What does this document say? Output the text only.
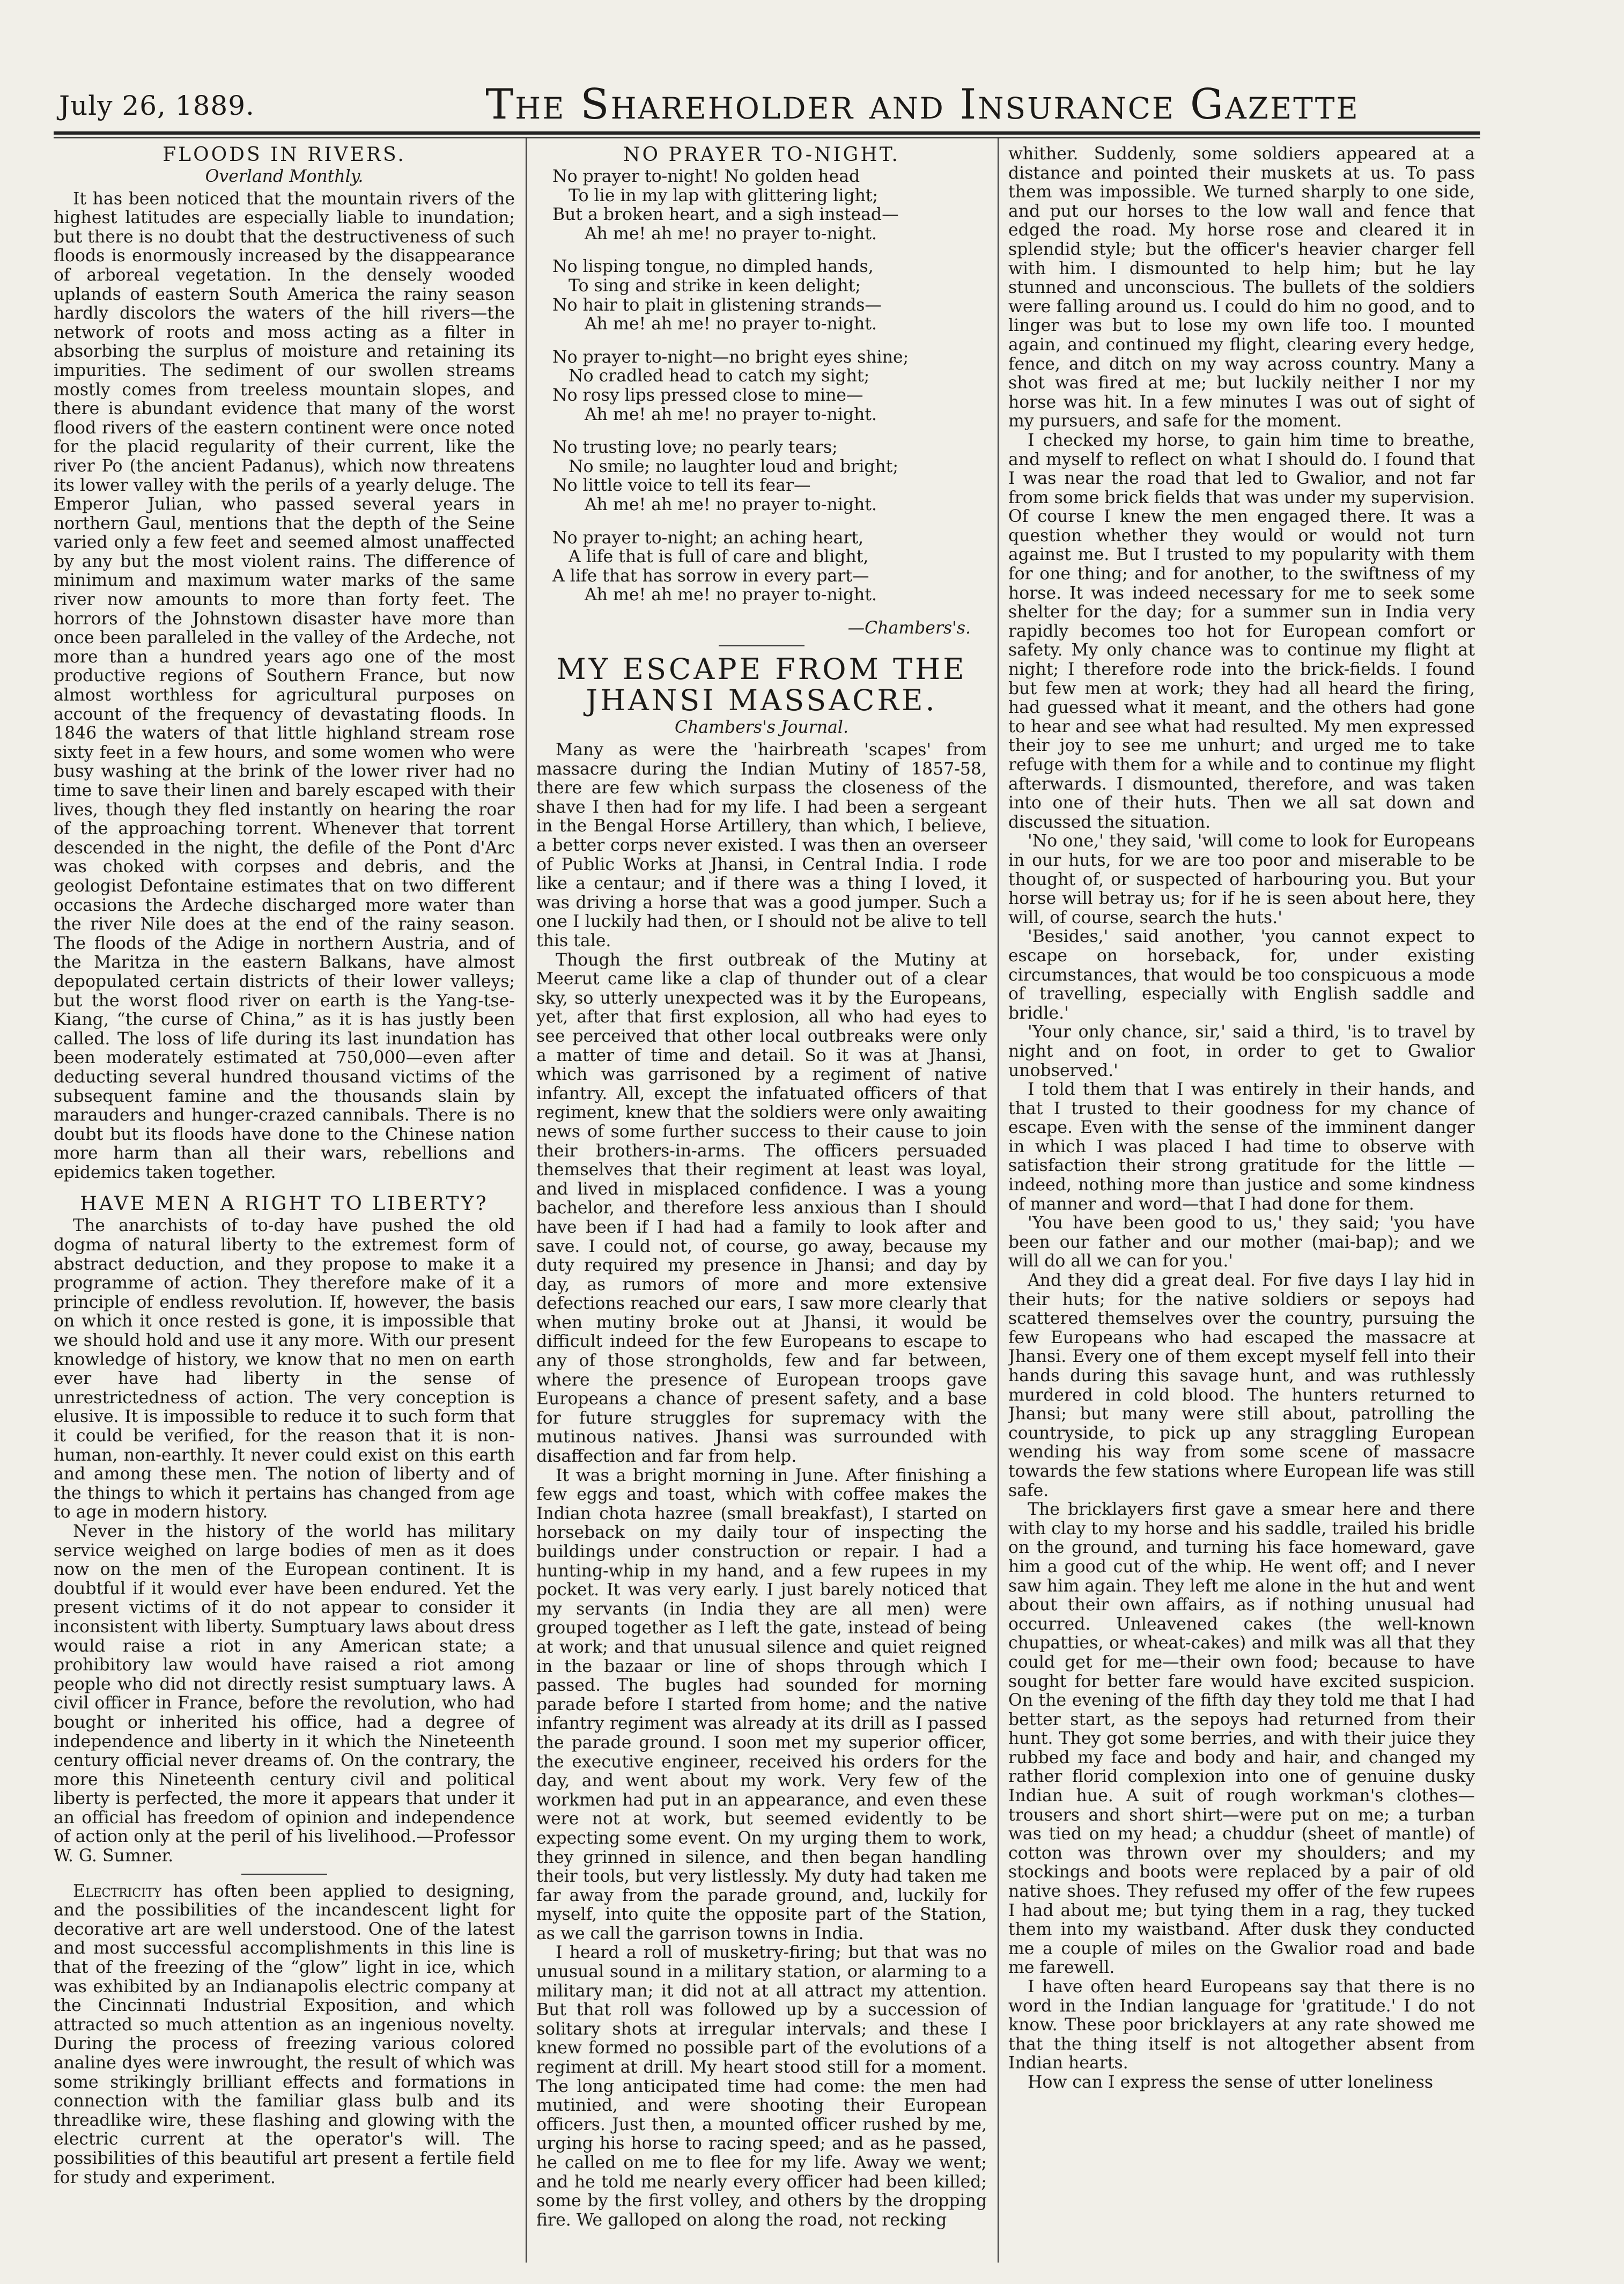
July 26, 1889.	The Shareholder and Insurance Gazette
FLOODS IN RIVERS.
Overland Monthly.

It has been noticed that the mountain rivers of the highest latitudes are especially liable to inundation; but there is no doubt that the destructiveness of such floods is enormously increased by the disappearance of arboreal vegetation. In the densely wooded uplands of eastern South America the rainy season hardly discolors the waters of the hill rivers—the network of roots and moss acting as a filter in absorbing the surplus of moisture and retaining its impurities. The sediment of our swollen streams mostly comes from treeless mountain slopes, and there is abundant evidence that many of the worst flood rivers of the eastern continent were once noted for the placid regularity of their current, like the river Po (the ancient Padanus), which now threatens its lower valley with the perils of a yearly deluge. The Emperor Julian, who passed several years in northern Gaul, mentions that the depth of the Seine varied only a few feet and seemed almost unaffected by any but the most violent rains. The difference of minimum and maximum water marks of the same river now amounts to more than forty feet. The horrors of the Johnstown disaster have more than once been paralleled in the valley of the Ardeche, not more than a hundred years ago one of the most productive regions of Southern France, but now almost worthless for agricultural purposes on account of the frequency of devastating floods. In 1846 the waters of that little highland stream rose sixty feet in a few hours, and some women who were busy washing at the brink of the lower river had no time to save their linen and barely escaped with their lives, though they fled instantly on hearing the roar of the approaching torrent. Whenever that torrent descended in the night, the defile of the Pont d'Arc was choked with corpses and debris, and the geologist Defontaine estimates that on two different occasions the Ardeche discharged more water than the river Nile does at the end of the rainy season. The floods of the Adige in northern Austria, and of the Maritza in the eastern Balkans, have almost depopulated certain districts of their lower valleys; but the worst flood river on earth is the Yang-tse-Kiang, “the curse of China,” as it is has justly been called. The loss of life during its last inundation has been moderately estimated at 750,000—even after deducting several hundred thousand victims of the subsequent famine and the thousands slain by marauders and hunger-crazed cannibals. There is no doubt but its floods have done to the Chinese nation more harm than all their wars, rebellions and epidemics taken together.

HAVE MEN A RIGHT TO LIBERTY?

The anarchists of to-day have pushed the old dogma of natural liberty to the extremest form of abstract deduction, and they propose to make it a programme of action. They therefore make of it a principle of endless revolution. If, however, the basis on which it once rested is gone, it is impossible that we should hold and use it any more. With our present knowledge of history, we know that no men on earth ever have had liberty in the sense of unrestrictedness of action. The very conception is elusive. It is impossible to reduce it to such form that it could be verified, for the reason that it is non-human, non-earthly. It never could exist on this earth and among these men. The notion of liberty and of the things to which it pertains has changed from age to age in modern history.

Never in the history of the world has military service weighed on large bodies of men as it does now on the men of the European continent. It is doubtful if it would ever have been endured. Yet the present victims of it do not appear to consider it inconsistent with liberty. Sumptuary laws about dress would raise a riot in any American state; a prohibitory law would have raised a riot among people who did not directly resist sumptuary laws. A civil officer in France, before the revolution, who had bought or inherited his office, had a degree of independence and liberty in it which the Nineteenth century official never dreams of. On the contrary, the more this Nineteenth century civil and political liberty is perfected, the more it appears that under it an official has freedom of opinion and independence of action only at the peril of his livelihood.—Professor W. G. Sumner.

Electricity has often been applied to designing, and the possibilities of the incandescent light for decorative art are well understood. One of the latest and most successful accomplishments in this line is that of the freezing of the “glow” light in ice, which was exhibited by an Indianapolis electric company at the Cincinnati Industrial Exposition, and which attracted so much attention as an ingenious novelty. During the process of freezing various colored analine dyes were inwrought, the result of which was some strikingly brilliant effects and formations in connection with the familiar glass bulb and its threadlike wire, these flashing and glowing with the electric current at the operator's will. The possibilities of this beautiful art present a fertile field for study and experiment.

NO PRAYER TO-NIGHT.
No prayer to-night! No golden head
To lie in my lap with glittering light;
But a broken heart, and a sigh instead—
Ah me! ah me! no prayer to-night.
No lisping tongue, no dimpled hands,
To sing and strike in keen delight;
No hair to plait in glistening strands—
Ah me! ah me! no prayer to-night.
No prayer to-night—no bright eyes shine;
No cradled head to catch my sight;
No rosy lips pressed close to mine—
Ah me! ah me! no prayer to-night.
No trusting love; no pearly tears;
No smile; no laughter loud and bright;
No little voice to tell its fear—
Ah me! ah me! no prayer to-night.
No prayer to-night; an aching heart,
A life that is full of care and blight,
A life that has sorrow in every part—
Ah me! ah me! no prayer to-night.
—Chambers's.
MY ESCAPE FROM THE JHANSI MASSACRE.
Chambers's Journal.

Many as were the 'hairbreath 'scapes' from massacre during the Indian Mutiny of 1857-58, there are few which surpass the closeness of the shave I then had for my life. I had been a sergeant in the Bengal Horse Artillery, than which, I believe, a better corps never existed. I was then an overseer of Public Works at Jhansi, in Central India. I rode like a centaur; and if there was a thing I loved, it was driving a horse that was a good jumper. Such a one I luckily had then, or I should not be alive to tell this tale.

Though the first outbreak of the Mutiny at Meerut came like a clap of thunder out of a clear sky, so utterly unexpected was it by the Europeans, yet, after that first explosion, all who had eyes to see perceived that other local outbreaks were only a matter of time and detail. So it was at Jhansi, which was garrisoned by a regiment of native infantry. All, except the infatuated officers of that regiment, knew that the soldiers were only awaiting news of some further success to their cause to join their brothers-in-arms. The officers persuaded themselves that their regiment at least was loyal, and lived in misplaced confidence. I was a young bachelor, and therefore less anxious than I should have been if I had had a family to look after and save. I could not, of course, go away, because my duty required my presence in Jhansi; and day by day, as rumors of more and more extensive defections reached our ears, I saw more clearly that when mutiny broke out at Jhansi, it would be difficult indeed for the few Europeans to escape to any of those strongholds, few and far between, where the presence of European troops gave Europeans a chance of present safety, and a base for future struggles for supremacy with the mutinous natives. Jhansi was surrounded with disaffection and far from help.

It was a bright morning in June. After finishing a few eggs and toast, which with coffee makes the Indian chota hazree (small breakfast), I started on horseback on my daily tour of inspecting the buildings under construction or repair. I had a hunting-whip in my hand, and a few rupees in my pocket. It was very early. I just barely noticed that my servants (in India they are all men) were grouped together as I left the gate, instead of being at work; and that unusual silence and quiet reigned in the bazaar or line of shops through which I passed. The bugles had sounded for morning parade before I started from home; and the native infantry regiment was already at its drill as I passed the parade ground. I soon met my superior officer, the executive engineer, received his orders for the day, and went about my work. Very few of the workmen had put in an appearance, and even these were not at work, but seemed evidently to be expecting some event. On my urging them to work, they grinned in silence, and then began handling their tools, but very listlessly. My duty had taken me far away from the parade ground, and, luckily for myself, into quite the opposite part of the Station, as we call the garrison towns in India.

I heard a roll of musketry-firing; but that was no unusual sound in a military station, or alarming to a military man; it did not at all attract my attention. But that roll was followed up by a succession of solitary shots at irregular intervals; and these I knew formed no possible part of the evolutions of a regiment at drill. My heart stood still for a moment. The long anticipated time had come: the men had mutinied, and were shooting their European officers. Just then, a mounted officer rushed by me, urging his horse to racing speed; and as he passed, he called on me to flee for my life. Away we went; and he told me nearly every officer had been killed; some by the first volley, and others by the dropping fire. We galloped on along the road, not recking

whither. Suddenly, some soldiers appeared at a distance and pointed their muskets at us. To pass them was impossible. We turned sharply to one side, and put our horses to the low wall and fence that edged the road. My horse rose and cleared it in splendid style; but the officer's heavier charger fell with him. I dismounted to help him; but he lay stunned and unconscious. The bullets of the soldiers were falling around us. I could do him no good, and to linger was but to lose my own life too. I mounted again, and continued my flight, clearing every hedge, fence, and ditch on my way across country. Many a shot was fired at me; but luckily neither I nor my horse was hit. In a few minutes I was out of sight of my pursuers, and safe for the moment.

I checked my horse, to gain him time to breathe, and myself to reflect on what I should do. I found that I was near the road that led to Gwalior, and not far from some brick fields that was under my supervision. Of course I knew the men engaged there. It was a question whether they would or would not turn against me. But I trusted to my popularity with them for one thing; and for another, to the swiftness of my horse. It was indeed necessary for me to seek some shelter for the day; for a summer sun in India very rapidly becomes too hot for European comfort or safety. My only chance was to continue my flight at night; I therefore rode into the brick-fields. I found but few men at work; they had all heard the firing, had guessed what it meant, and the others had gone to hear and see what had resulted. My men expressed their joy to see me unhurt; and urged me to take refuge with them for a while and to continue my flight afterwards. I dismounted, therefore, and was taken into one of their huts. Then we all sat down and discussed the situation.

'No one,' they said, 'will come to look for Europeans in our huts, for we are too poor and miserable to be thought of, or suspected of harbouring you. But your horse will betray us; for if he is seen about here, they will, of course, search the huts.'

'Besides,' said another, 'you cannot expect to escape on horseback, for, under existing circumstances, that would be too conspicuous a mode of travelling, especially with English saddle and bridle.'

'Your only chance, sir,' said a third, 'is to travel by night and on foot, in order to get to Gwalior unobserved.'

I told them that I was entirely in their hands, and that I trusted to their goodness for my chance of escape. Even with the sense of the imminent danger in which I was placed I had time to observe with satisfaction their strong gratitude for the little —indeed, nothing more than justice and some kindness of manner and word—that I had done for them.

'You have been good to us,' they said; 'you have been our father and our mother (mai-bap); and we will do all we can for you.'

And they did a great deal. For five days I lay hid in their huts; for the native soldiers or sepoys had scattered themselves over the country, pursuing the few Europeans who had escaped the massacre at Jhansi. Every one of them except myself fell into their hands during this savage hunt, and was ruthlessly murdered in cold blood. The hunters returned to Jhansi; but many were still about, patrolling the countryside, to pick up any straggling European wending his way from some scene of massacre towards the few stations where European life was still safe.

The bricklayers first gave a smear here and there with clay to my horse and his saddle, trailed his bridle on the ground, and turning his face homeward, gave him a good cut of the whip. He went off; and I never saw him again. They left me alone in the hut and went about their own affairs, as if nothing unusual had occurred. Unleavened cakes (the well-known chupatties, or wheat-cakes) and milk was all that they could get for me—their own food; because to have sought for better fare would have excited suspicion. On the evening of the fifth day they told me that I had better start, as the sepoys had returned from their hunt. They got some berries, and with their juice they rubbed my face and body and hair, and changed my rather florid complexion into one of genuine dusky Indian hue. A suit of rough workman's clothes—trousers and short shirt—were put on me; a turban was tied on my head; a chuddur (sheet of mantle) of cotton was thrown over my shoulders; and my stockings and boots were replaced by a pair of old native shoes. They refused my offer of the few rupees I had about me; but tying them in a rag, they tucked them into my waistband. After dusk they conducted me a couple of miles on the Gwalior road and bade me farewell.

I have often heard Europeans say that there is no word in the Indian language for 'gratitude.' I do not know. These poor bricklayers at any rate showed me that the thing itself is not altogether absent from Indian hearts.

How can I express the sense of utter loneliness
